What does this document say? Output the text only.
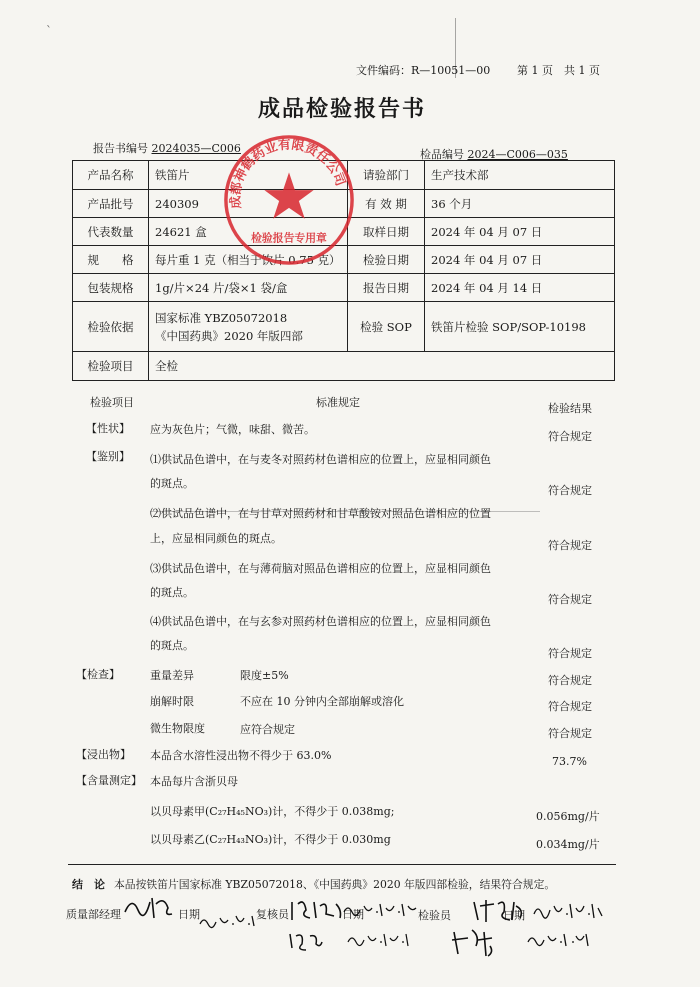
ˋ
文件编码：R—10051—00 第 1 页　共 1 页
成品检验报告书
报告书编号 2024035—C006	检品编号 2024—C006—035
产品名称	铁笛片	请验部门	生产技术部
产品批号	240309	有 效 期	36 个月
代表数量	24621 盒	取样日期	2024 年 04 月 07 日
规　　格	每片重 1 克（相当于饮片 0.75 克）	检验日期	2024 年 04 月 07 日
包装规格	1g/片×24 片/袋×1 袋/盒	报告日期	2024 年 04 月 14 日
检验依据	国家标准 YBZ05072018
《中国药典》2020 年版四部	检验 SOP	铁笛片检验 SOP/SOP-10198
检验项目	全检		
检验项目	标准规定	检验结果
【性状】 应为灰色片；气微，味甜、微苦。
符合规定
【鉴别】 ⑴供试品色谱中，在与麦冬对照药材色谱相应的位置上，应显相同颜色
的斑点。
符合规定
⑵供试品色谱中，在与甘草对照药材和甘草酸铵对照品色谱相应的位置
上，应显相同颜色的斑点。
符合规定
⑶供试品色谱中，在与薄荷脑对照品色谱相应的位置上，应显相同颜色
的斑点。
符合规定
⑷供试品色谱中，在与玄参对照药材色谱相应的位置上，应显相同颜色
的斑点。
符合规定
【检查】	重量差异	限度±5%	符合规定
崩解时限	不应在 10 分钟内全部崩解或溶化	符合规定
微生物限度	应符合规定	符合规定
【浸出物】 本品含水溶性浸出物不得少于 63.0%	73.7%
【含量测定】 本品每片含浙贝母
以贝母素甲(C₂₇H₄₅NO₃)计，不得少于 0.038mg;	0.056mg/片
以贝母素乙(C₂₇H₄₃NO₃)计，不得少于 0.030mg	0.034mg/片
结　论 本品按铁笛片国家标准 YBZ05072018、《中国药典》2020 年版四部检验，结果符合规定。
质量部经理	日期	复核员	日期	检验员	日期
成都神鹤药业有限责任公司
检验报告专用章
